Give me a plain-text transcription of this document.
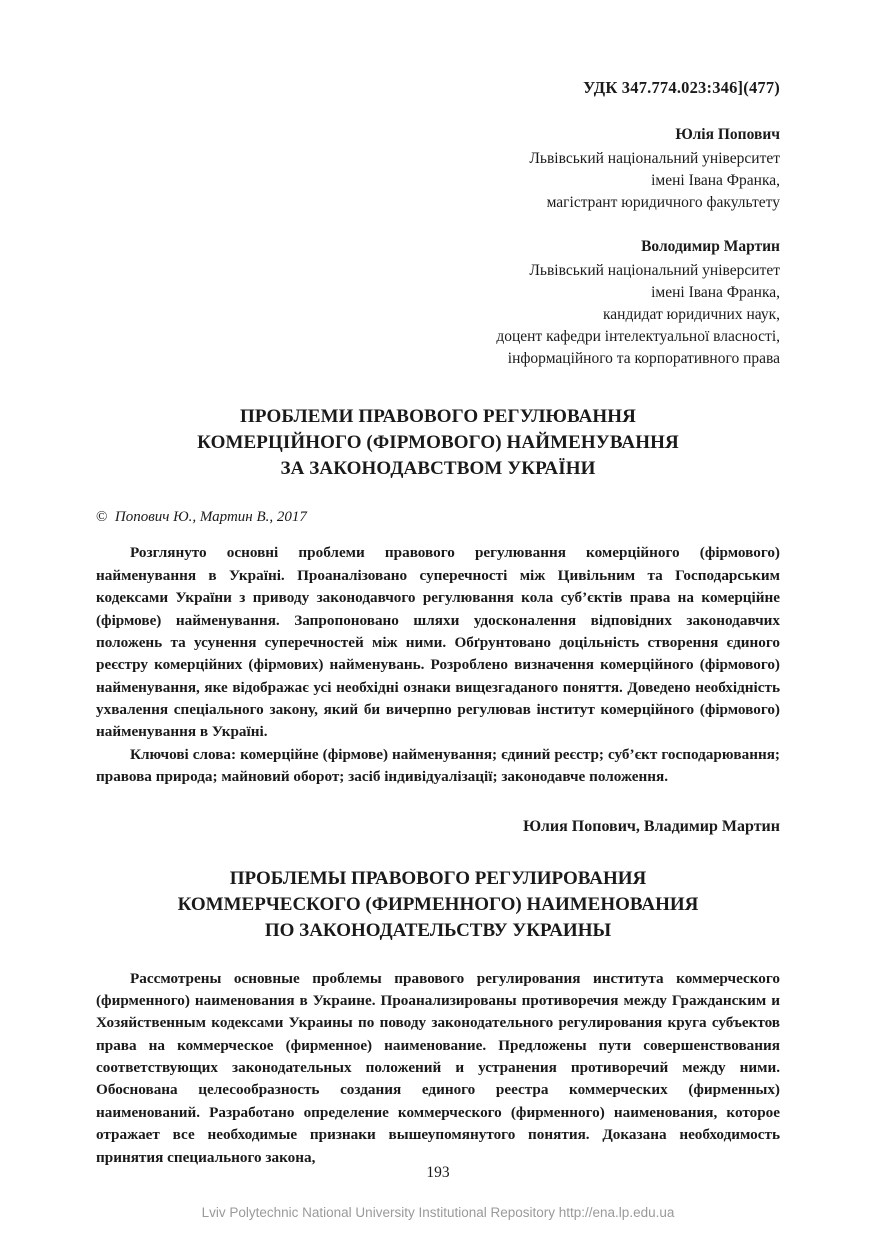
УДК 347.774.023:346](477)
Юлія Попович
Львівський національний університет
імені Івана Франка,
магістрант юридичного факультету
Володимир Мартин
Львівський національний університет
імені Івана Франка,
кандидат юридичних наук,
доцент кафедри інтелектуальної власності,
інформаційного та корпоративного права
ПРОБЛЕМИ ПРАВОВОГО РЕГУЛЮВАННЯ
КОМЕРЦІЙНОГО (ФІРМОВОГО) НАЙМЕНУВАННЯ
ЗА ЗАКОНОДАВСТВОМ УКРАЇНИ
© Попович Ю., Мартин В., 2017

Розглянуто основні проблеми правового регулювання комерційного (фірмового) найменування в Україні. Проаналізовано суперечності між Цивільним та Господарським кодексами України з приводу законодавчого регулювання кола суб’єктів права на комерційне (фірмове) найменування. Запропоновано шляхи удосконалення відповідних законодавчих положень та усунення суперечностей між ними. Обґрунтовано доцільність створення єдиного реєстру комерційних (фірмових) найменувань. Розроблено визначення комерційного (фірмового) найменування, яке відображає усі необхідні ознаки вищезгаданого поняття. Доведено необхідність ухвалення спеціального закону, який би вичерпно регулював інститут комерційного (фірмового) найменування в Україні.

Ключові слова: комерційне (фірмове) найменування; єдиний реєстр; суб’єкт господарювання; правова природа; майновий оборот; засіб індивідуалізації; законодавче положення.

Юлия Попович, Владимир Мартин
ПРОБЛЕМЫ ПРАВОВОГО РЕГУЛИРОВАНИЯ
КОММЕРЧЕСКОГО (ФИРМЕННОГО) НАИМЕНОВАНИЯ
ПО ЗАКОНОДАТЕЛЬСТВУ УКРАИНЫ

Рассмотрены основные проблемы правового регулирования института коммерческого (фирменного) наименования в Украине. Проанализированы противоречия между Гражданским и Хозяйственным кодексами Украины по поводу законодательного регулирования круга субъектов права на коммерческое (фирменное) наименование. Предложены пути совершенствования соответствующих законодательных положений и устранения противоречий между ними. Обоснована целесообразность создания единого реестра коммерческих (фирменных) наименований. Разработано определение коммерческого (фирменного) наименования, которое отражает все необходимые признаки вышеупомянутого понятия. Доказана необходимость принятия специального закона,

193
Lviv Polytechnic National University Institutional Repository http://ena.lp.edu.ua
